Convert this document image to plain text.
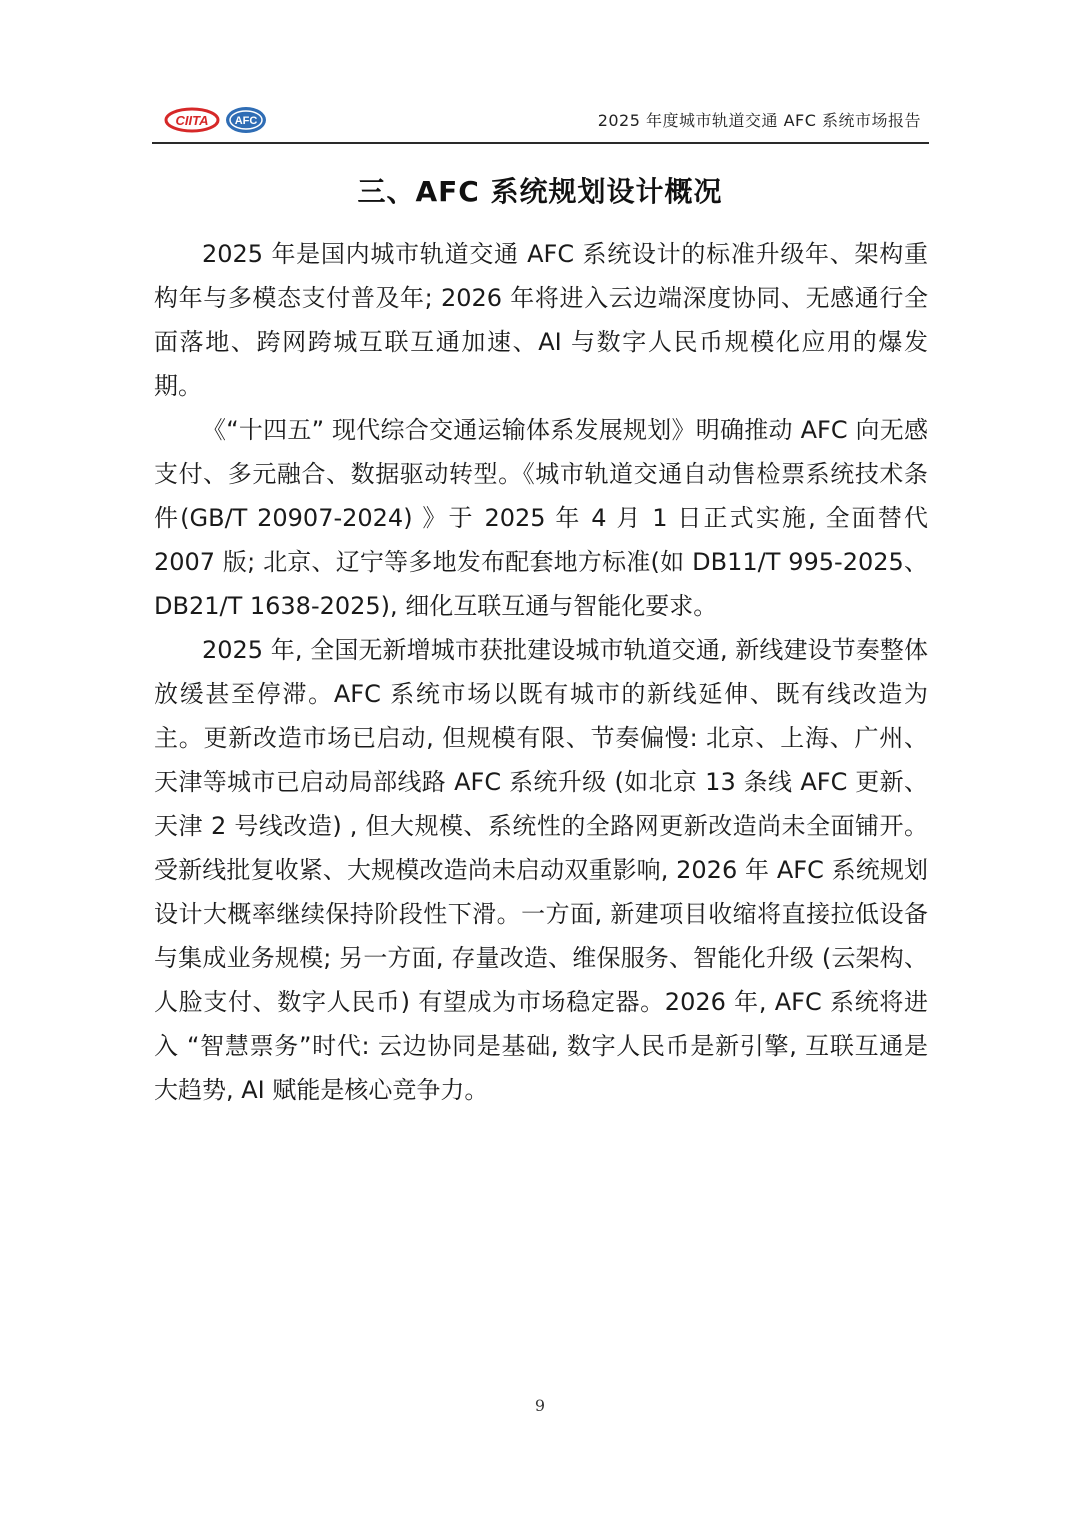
CIITA AFC	2025 年度城市轨道交通 AFC 系统市场报告
三、AFC 系统规划设计概况

2025 年是国内城市轨道交通 AFC 系统设计的标准升级年、架构重构年与多模态支付普及年; 2026 年将进入云边端深度协同、无感通行全面落地、跨网跨城互联互通加速、AI 与数字人民币规模化应用的爆发期。

《“十四五” 现代综合交通运输体系发展规划》明确推动 AFC 向无感支付、多元融合、数据驱动转型。《城市轨道交通自动售检票系统技术条件(GB/T 20907-2024) 》于 2025 年 4 月 1 日正式实施, 全面替代 2007 版; 北京、辽宁等多地发布配套地方标准(如 DB11/T 995-2025、DB21/T 1638-2025), 细化互联互通与智能化要求。

2025 年, 全国无新增城市获批建设城市轨道交通, 新线建设节奏整体放缓甚至停滞。AFC 系统市场以既有城市的新线延伸、既有线改造为主。更新改造市场已启动, 但规模有限、节奏偏慢: 北京、上海、广州、天津等城市已启动局部线路 AFC 系统升级 (如北京 13 条线 AFC 更新、天津 2 号线改造) , 但大规模、系统性的全路网更新改造尚未全面铺开。受新线批复收紧、大规模改造尚未启动双重影响, 2026 年 AFC 系统规划设计大概率继续保持阶段性下滑。一方面, 新建项目收缩将直接拉低设备与集成业务规模; 另一方面, 存量改造、维保服务、智能化升级 (云架构、人脸支付、数字人民币) 有望成为市场稳定器。2026 年, AFC 系统将进入 “智慧票务”时代: 云边协同是基础, 数字人民币是新引擎, 互联互通是大趋势, AI 赋能是核心竞争力。

9
